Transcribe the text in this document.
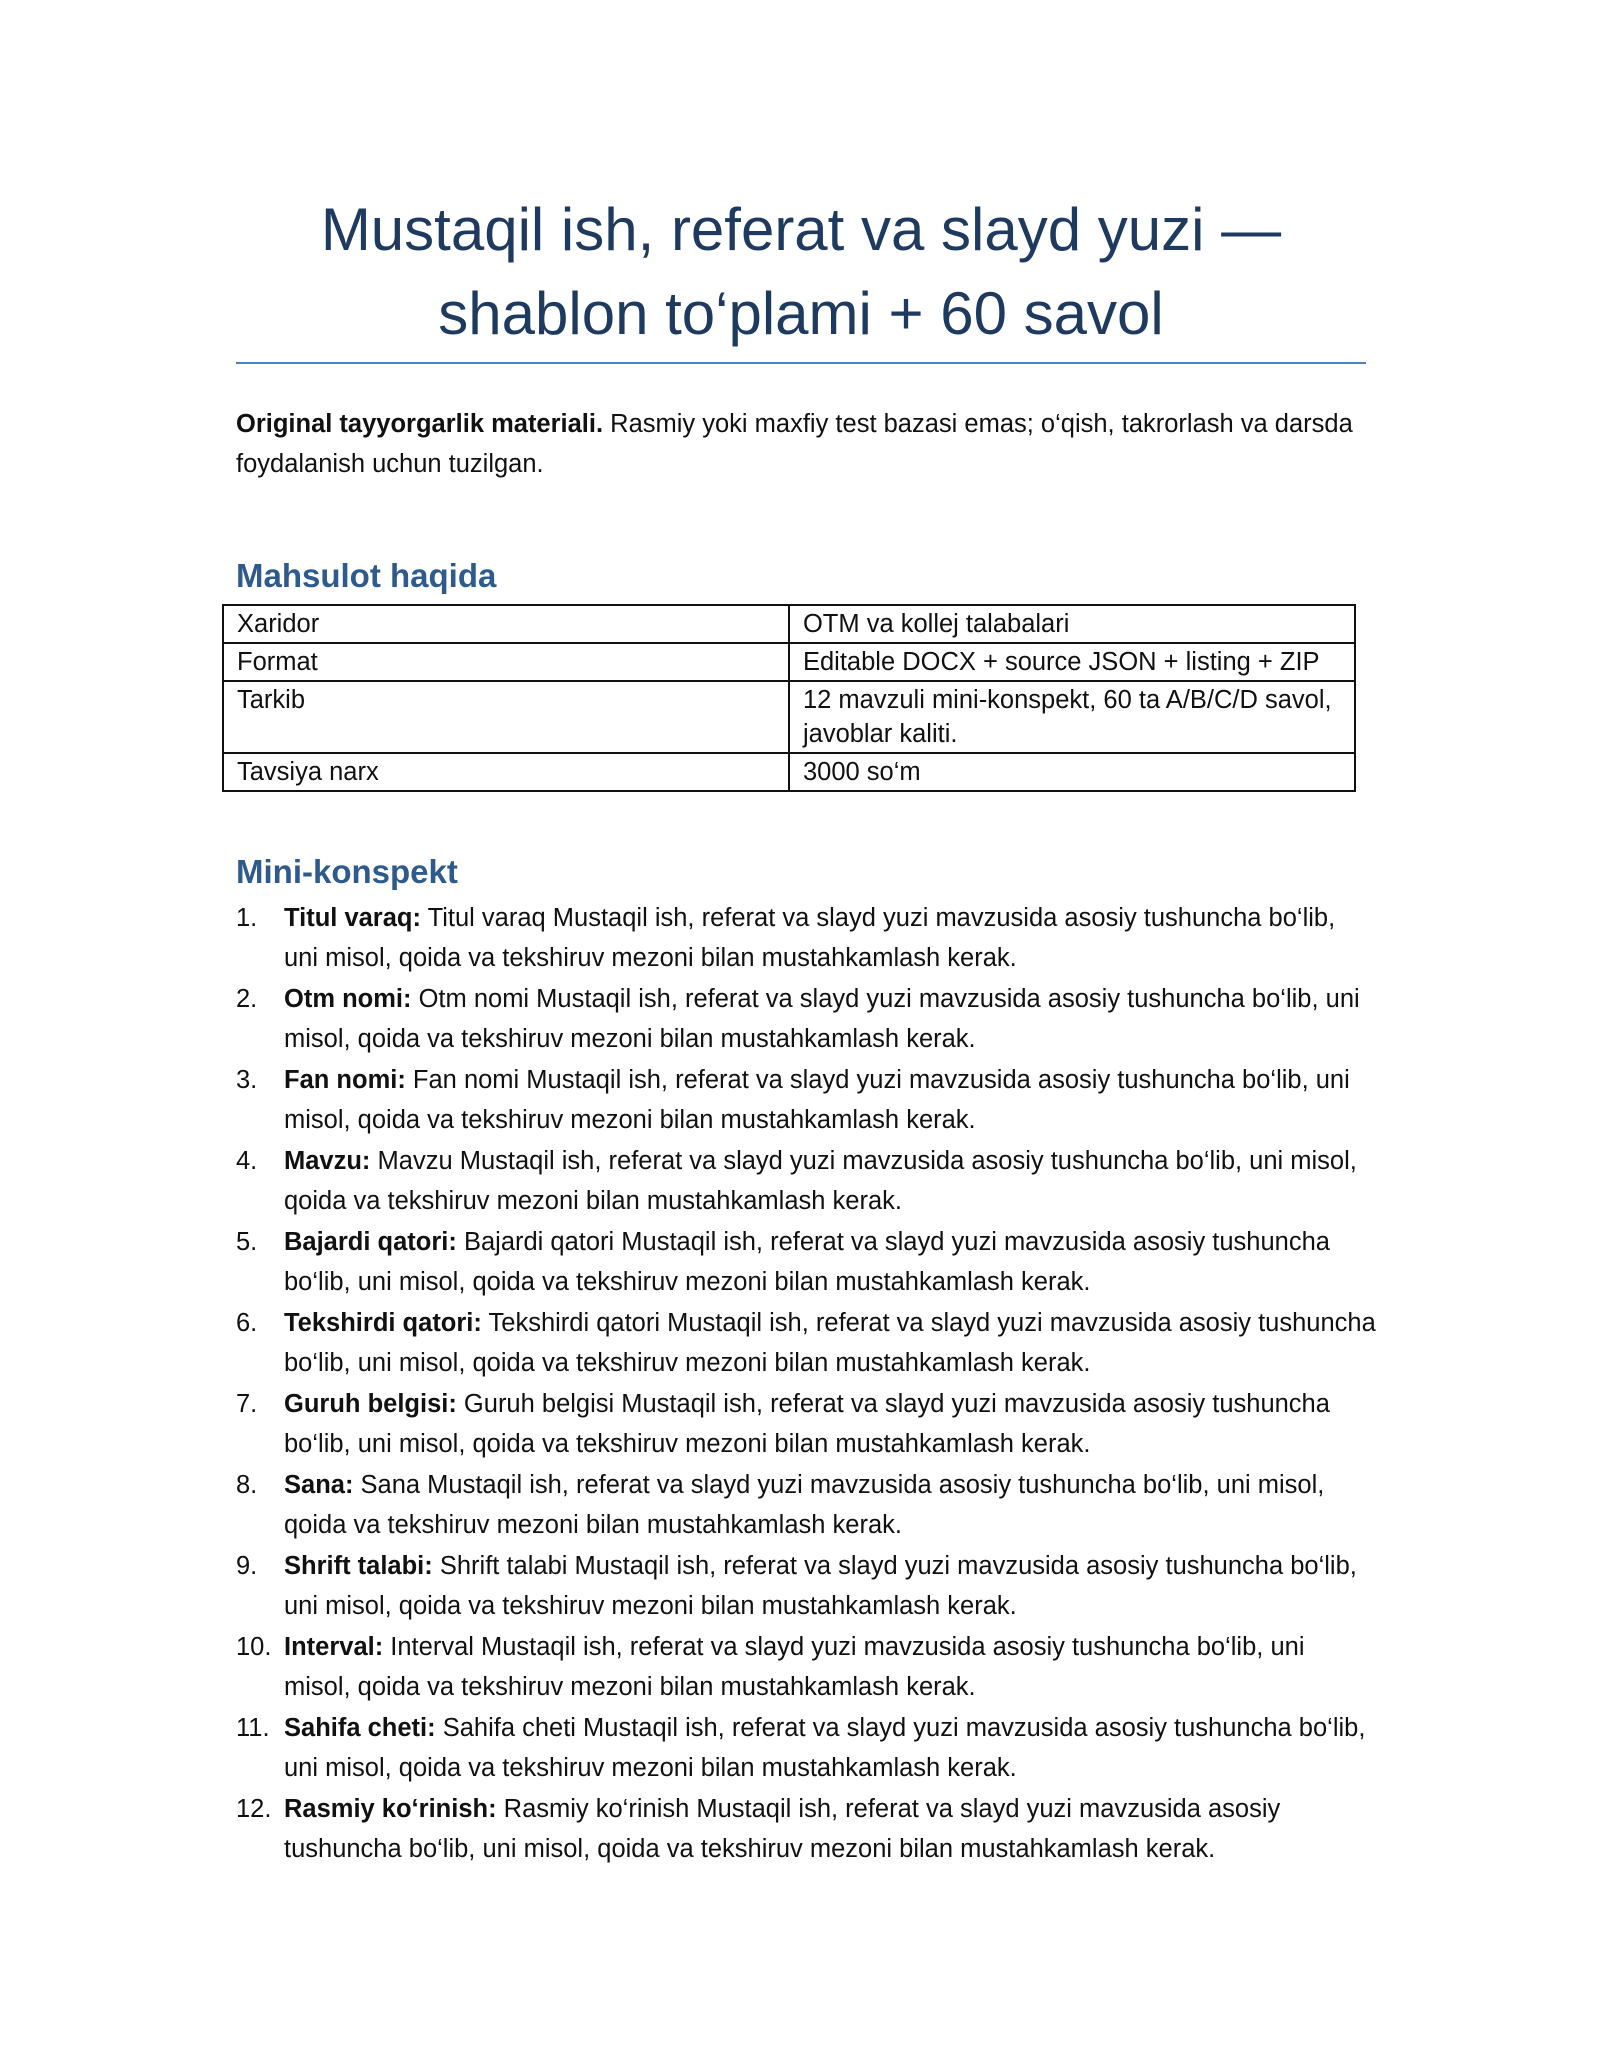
Mustaqil ish, referat va slayd yuzi —
shablon to‘plami + 60 savol

Original tayyorgarlik materiali. Rasmiy yoki maxfiy test bazasi emas; o‘qish, takrorlash va darsda foydalanish uchun tuzilgan.

Mahsulot haqida
Xaridor	OTM va kollej talabalari
Format	Editable DOCX + source JSON + listing + ZIP
Tarkib	12 mavzuli mini-konspekt, 60 ta A/B/C/D savol, javoblar kaliti.
Tavsiya narx	3000 so‘m
Mini-konspekt
1. Titul varaq: Titul varaq Mustaqil ish, referat va slayd yuzi mavzusida asosiy tushuncha bo‘lib, uni misol, qoida va tekshiruv mezoni bilan mustahkamlash kerak.
2. Otm nomi: Otm nomi Mustaqil ish, referat va slayd yuzi mavzusida asosiy tushuncha bo‘lib, uni misol, qoida va tekshiruv mezoni bilan mustahkamlash kerak.
3. Fan nomi: Fan nomi Mustaqil ish, referat va slayd yuzi mavzusida asosiy tushuncha bo‘lib, uni misol, qoida va tekshiruv mezoni bilan mustahkamlash kerak.
4. Mavzu: Mavzu Mustaqil ish, referat va slayd yuzi mavzusida asosiy tushuncha bo‘lib, uni misol, qoida va tekshiruv mezoni bilan mustahkamlash kerak.
5. Bajardi qatori: Bajardi qatori Mustaqil ish, referat va slayd yuzi mavzusida asosiy tushuncha bo‘lib, uni misol, qoida va tekshiruv mezoni bilan mustahkamlash kerak.
6. Tekshirdi qatori: Tekshirdi qatori Mustaqil ish, referat va slayd yuzi mavzusida asosiy tushuncha bo‘lib, uni misol, qoida va tekshiruv mezoni bilan mustahkamlash kerak.
7. Guruh belgisi: Guruh belgisi Mustaqil ish, referat va slayd yuzi mavzusida asosiy tushuncha bo‘lib, uni misol, qoida va tekshiruv mezoni bilan mustahkamlash kerak.
8. Sana: Sana Mustaqil ish, referat va slayd yuzi mavzusida asosiy tushuncha bo‘lib, uni misol, qoida va tekshiruv mezoni bilan mustahkamlash kerak.
9. Shrift talabi: Shrift talabi Mustaqil ish, referat va slayd yuzi mavzusida asosiy tushuncha bo‘lib, uni misol, qoida va tekshiruv mezoni bilan mustahkamlash kerak.
10. Interval: Interval Mustaqil ish, referat va slayd yuzi mavzusida asosiy tushuncha bo‘lib, uni misol, qoida va tekshiruv mezoni bilan mustahkamlash kerak.
11. Sahifa cheti: Sahifa cheti Mustaqil ish, referat va slayd yuzi mavzusida asosiy tushuncha bo‘lib, uni misol, qoida va tekshiruv mezoni bilan mustahkamlash kerak.
12. Rasmiy ko‘rinish: Rasmiy ko‘rinish Mustaqil ish, referat va slayd yuzi mavzusida asosiy tushuncha bo‘lib, uni misol, qoida va tekshiruv mezoni bilan mustahkamlash kerak.
